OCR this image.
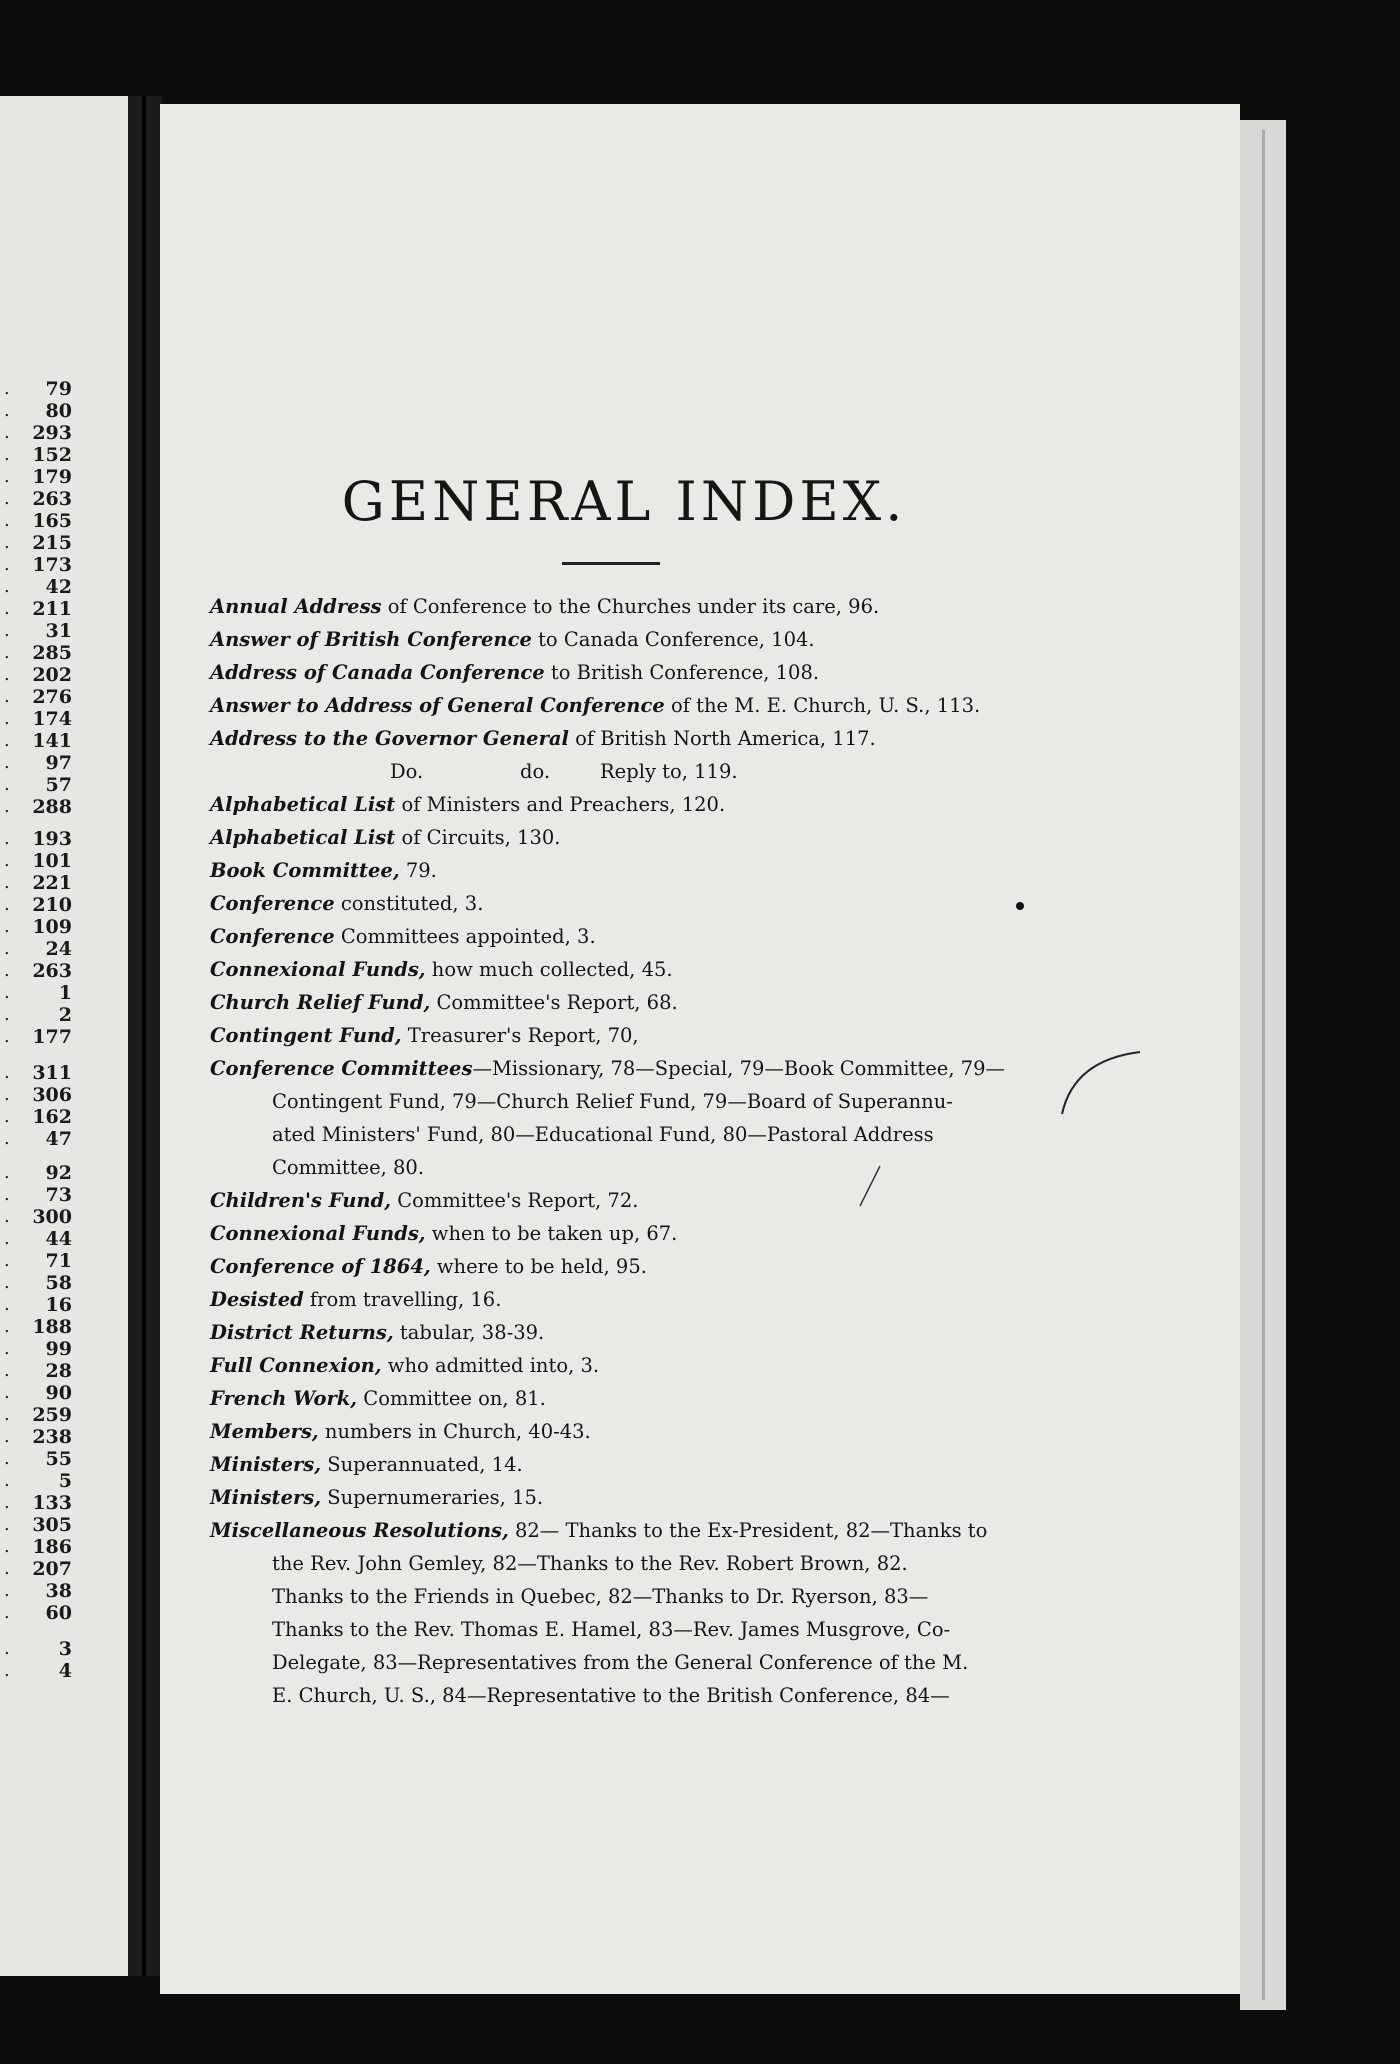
. 79
. 80
. 293
. 152
. 179
. 263
. 165
. 215
. 173
. 42
. 211
. 31
. 285
. 202
. 276
. 174
. 141
. 97
. 57
. 288
. 193
. 101
. 221
. 210
. 109
. 24
. 263
. 1
. 2
. 177
. 311
. 306
. 162
. 47
. 92
. 73
. 300
. 44
. 71
. 58
. 16
. 188
. 99
. 28
. 90
. 259
. 238
. 55
. 5
. 133
. 305
. 186
. 207
. 38
. 60
. 3
. 4
GENERAL INDEX.
Annual Address of Conference to the Churches under its care, 96.
Answer of British Conference to Canada Conference, 104.
Address of Canada Conference to British Conference, 108.
Answer to Address of General Conference of the M. E. Church, U. S., 113.
Address to the Governor General of British North America, 117.
Do.	do.	Reply to, 119.
Alphabetical List of Ministers and Preachers, 120.
Alphabetical List of Circuits, 130.
Book Committee, 79.
Conference constituted, 3.
Conference Committees appointed, 3.
Connexional Funds, how much collected, 45.
Church Relief Fund, Committee's Report, 68.
Contingent Fund, Treasurer's Report, 70,
Conference Committees—Missionary, 78—Special, 79—Book Committee, 79—
Contingent Fund, 79—Church Relief Fund, 79—Board of Superannu-
ated Ministers' Fund, 80—Educational Fund, 80—Pastoral Address
Committee, 80.
Children's Fund, Committee's Report, 72.
Connexional Funds, when to be taken up, 67.
Conference of 1864, where to be held, 95.
Desisted from travelling, 16.
District Returns, tabular, 38-39.
Full Connexion, who admitted into, 3.
French Work, Committee on, 81.
Members, numbers in Church, 40-43.
Ministers, Superannuated, 14.
Ministers, Supernumeraries, 15.
Miscellaneous Resolutions, 82— Thanks to the Ex-President, 82—Thanks to
the Rev. John Gemley, 82—Thanks to the Rev. Robert Brown, 82.
Thanks to the Friends in Quebec, 82—Thanks to Dr. Ryerson, 83—
Thanks to the Rev. Thomas E. Hamel, 83—Rev. James Musgrove, Co-
Delegate, 83—Representatives from the General Conference of the M.
E. Church, U. S., 84—Representative to the British Conference, 84—
